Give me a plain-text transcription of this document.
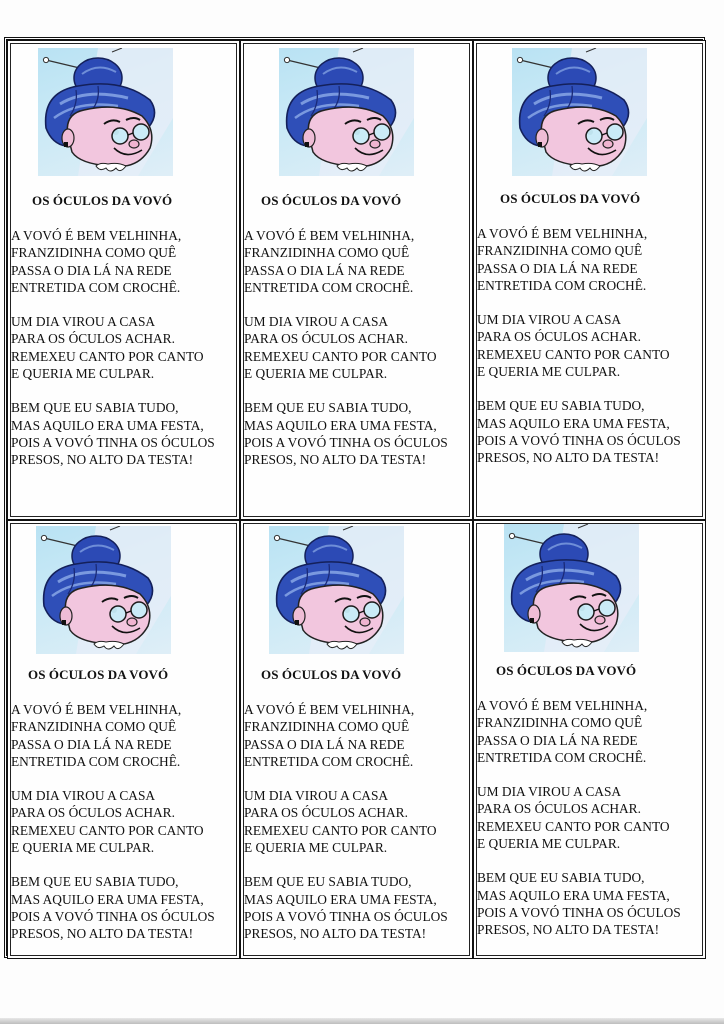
OS ÓCULOS DA VOVÓ
A VOVÓ É BEM VELHINHA,
FRANZIDINHA COMO QUÊ
PASSA O DIA LÁ NA REDE
ENTRETIDA COM CROCHÊ.
UM DIA VIROU A CASA
PARA OS ÓCULOS ACHAR.
REMEXEU CANTO POR CANTO
E QUERIA ME CULPAR.
BEM QUE EU SABIA TUDO,
MAS AQUILO ERA UMA FESTA,
POIS A VOVÓ TINHA OS ÓCULOS
PRESOS, NO ALTO DA TESTA!
OS ÓCULOS DA VOVÓ
A VOVÓ É BEM VELHINHA,
FRANZIDINHA COMO QUÊ
PASSA O DIA LÁ NA REDE
ENTRETIDA COM CROCHÊ.
UM DIA VIROU A CASA
PARA OS ÓCULOS ACHAR.
REMEXEU CANTO POR CANTO
E QUERIA ME CULPAR.
BEM QUE EU SABIA TUDO,
MAS AQUILO ERA UMA FESTA,
POIS A VOVÓ TINHA OS ÓCULOS
PRESOS, NO ALTO DA TESTA!
OS ÓCULOS DA VOVÓ
A VOVÓ É BEM VELHINHA,
FRANZIDINHA COMO QUÊ
PASSA O DIA LÁ NA REDE
ENTRETIDA COM CROCHÊ.
UM DIA VIROU A CASA
PARA OS ÓCULOS ACHAR.
REMEXEU CANTO POR CANTO
E QUERIA ME CULPAR.
BEM QUE EU SABIA TUDO,
MAS AQUILO ERA UMA FESTA,
POIS A VOVÓ TINHA OS ÓCULOS
PRESOS, NO ALTO DA TESTA!
OS ÓCULOS DA VOVÓ
A VOVÓ É BEM VELHINHA,
FRANZIDINHA COMO QUÊ
PASSA O DIA LÁ NA REDE
ENTRETIDA COM CROCHÊ.
UM DIA VIROU A CASA
PARA OS ÓCULOS ACHAR.
REMEXEU CANTO POR CANTO
E QUERIA ME CULPAR.
BEM QUE EU SABIA TUDO,
MAS AQUILO ERA UMA FESTA,
POIS A VOVÓ TINHA OS ÓCULOS
PRESOS, NO ALTO DA TESTA!
OS ÓCULOS DA VOVÓ
A VOVÓ É BEM VELHINHA,
FRANZIDINHA COMO QUÊ
PASSA O DIA LÁ NA REDE
ENTRETIDA COM CROCHÊ.
UM DIA VIROU A CASA
PARA OS ÓCULOS ACHAR.
REMEXEU CANTO POR CANTO
E QUERIA ME CULPAR.
BEM QUE EU SABIA TUDO,
MAS AQUILO ERA UMA FESTA,
POIS A VOVÓ TINHA OS ÓCULOS
PRESOS, NO ALTO DA TESTA!
OS ÓCULOS DA VOVÓ
A VOVÓ É BEM VELHINHA,
FRANZIDINHA COMO QUÊ
PASSA O DIA LÁ NA REDE
ENTRETIDA COM CROCHÊ.
UM DIA VIROU A CASA
PARA OS ÓCULOS ACHAR.
REMEXEU CANTO POR CANTO
E QUERIA ME CULPAR.
BEM QUE EU SABIA TUDO,
MAS AQUILO ERA UMA FESTA,
POIS A VOVÓ TINHA OS ÓCULOS
PRESOS, NO ALTO DA TESTA!
